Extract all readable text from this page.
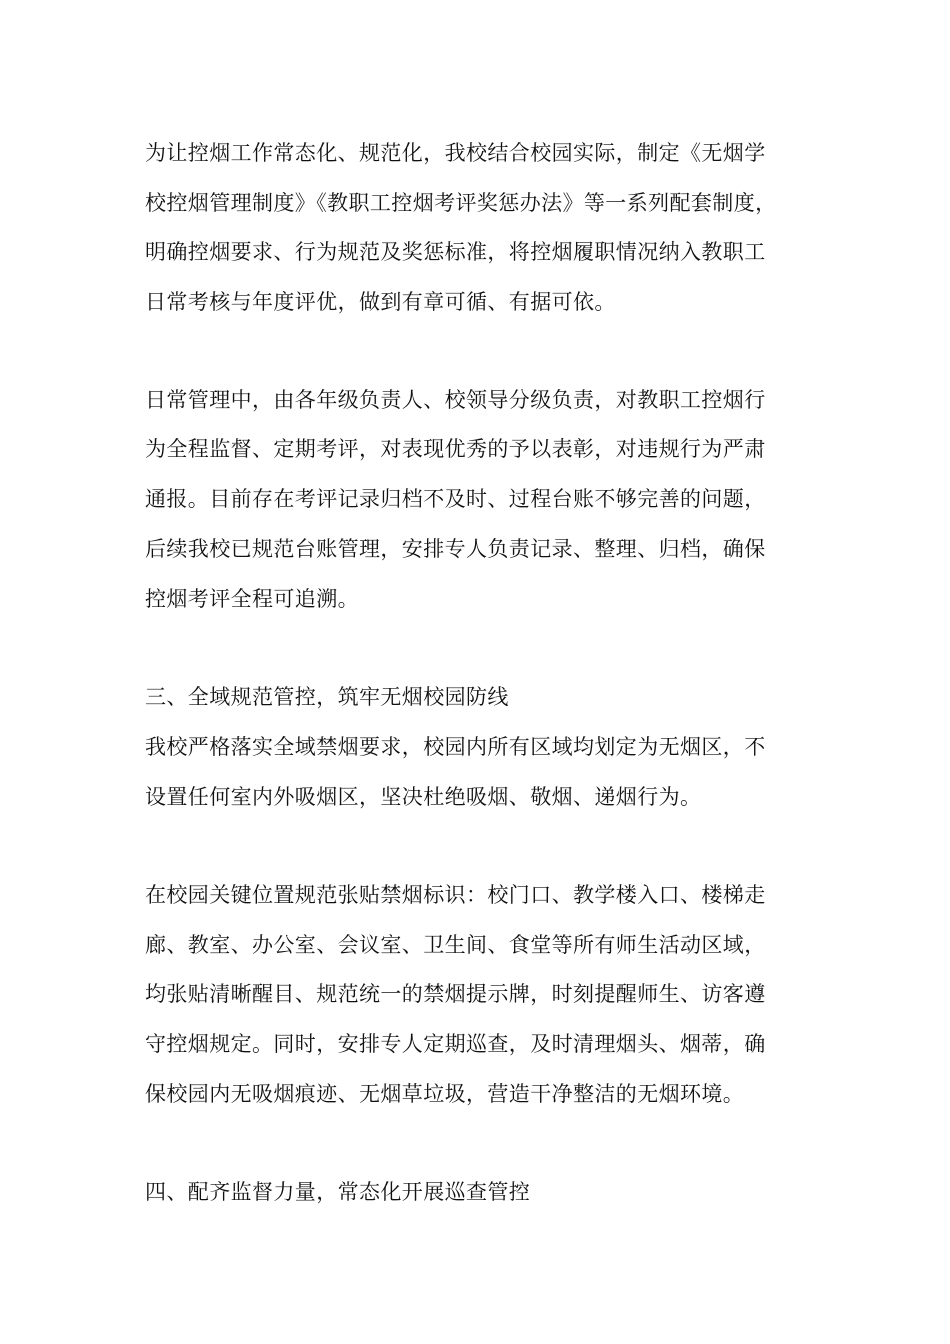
为让控烟工作常态化、规范化，我校结合校园实际，制定《无烟学
校控烟管理制度》《教职工控烟考评奖惩办法》等一系列配套制度，
明确控烟要求、行为规范及奖惩标准，将控烟履职情况纳入教职工
日常考核与年度评优，做到有章可循、有据可依。
日常管理中，由各年级负责人、校领导分级负责，对教职工控烟行
为全程监督、定期考评，对表现优秀的予以表彰，对违规行为严肃
通报。目前存在考评记录归档不及时、过程台账不够完善的问题，
后续我校已规范台账管理，安排专人负责记录、整理、归档，确保
控烟考评全程可追溯。
三、全域规范管控，筑牢无烟校园防线
我校严格落实全域禁烟要求，校园内所有区域均划定为无烟区，不
设置任何室内外吸烟区，坚决杜绝吸烟、敬烟、递烟行为。
在校园关键位置规范张贴禁烟标识：校门口、教学楼入口、楼梯走
廊、教室、办公室、会议室、卫生间、食堂等所有师生活动区域，
均张贴清晰醒目、规范统一的禁烟提示牌，时刻提醒师生、访客遵
守控烟规定。同时，安排专人定期巡查，及时清理烟头、烟蒂，确
保校园内无吸烟痕迹、无烟草垃圾，营造干净整洁的无烟环境。
四、配齐监督力量，常态化开展巡查管控
